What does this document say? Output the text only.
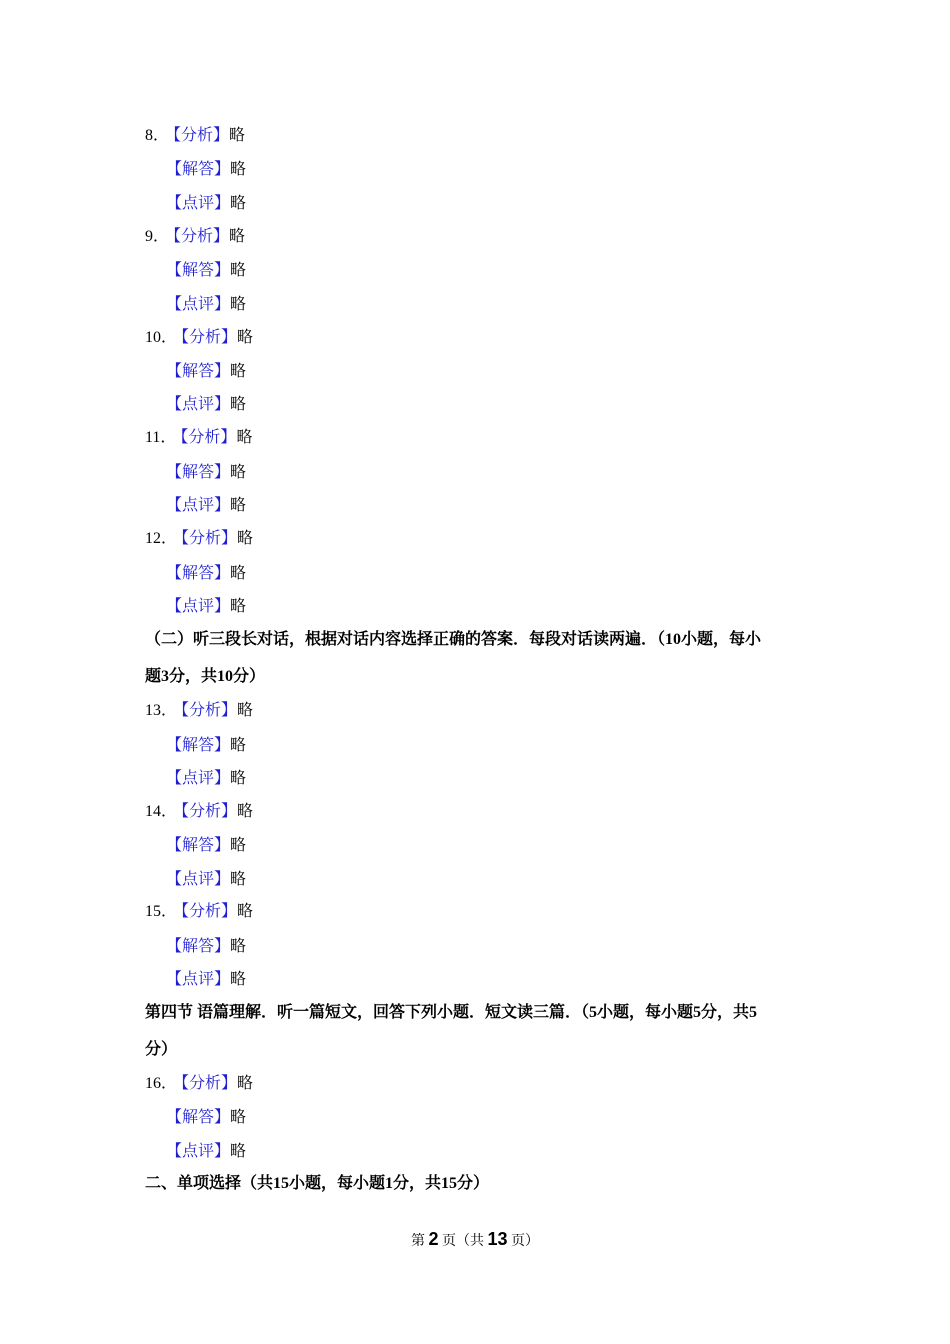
8． 【分析】略
【解答】略
【点评】略
9． 【分析】略
【解答】略
【点评】略
10． 【分析】略
【解答】略
【点评】略
11． 【分析】略
【解答】略
【点评】略
12． 【分析】略
【解答】略
【点评】略
（二）听三段长对话，根据对话内容选择正确的答案．每段对话读两遍．（10小题，每小
题3分，共10分）
13． 【分析】略
【解答】略
【点评】略
14． 【分析】略
【解答】略
【点评】略
15． 【分析】略
【解答】略
【点评】略
第四节 语篇理解．听一篇短文，回答下列小题．短文读三篇．（5小题，每小题5分，共5
分）
16． 【分析】略
【解答】略
【点评】略
二、单项选择（共15小题，每小题1分，共15分）
第 2 页（共 13 页）
